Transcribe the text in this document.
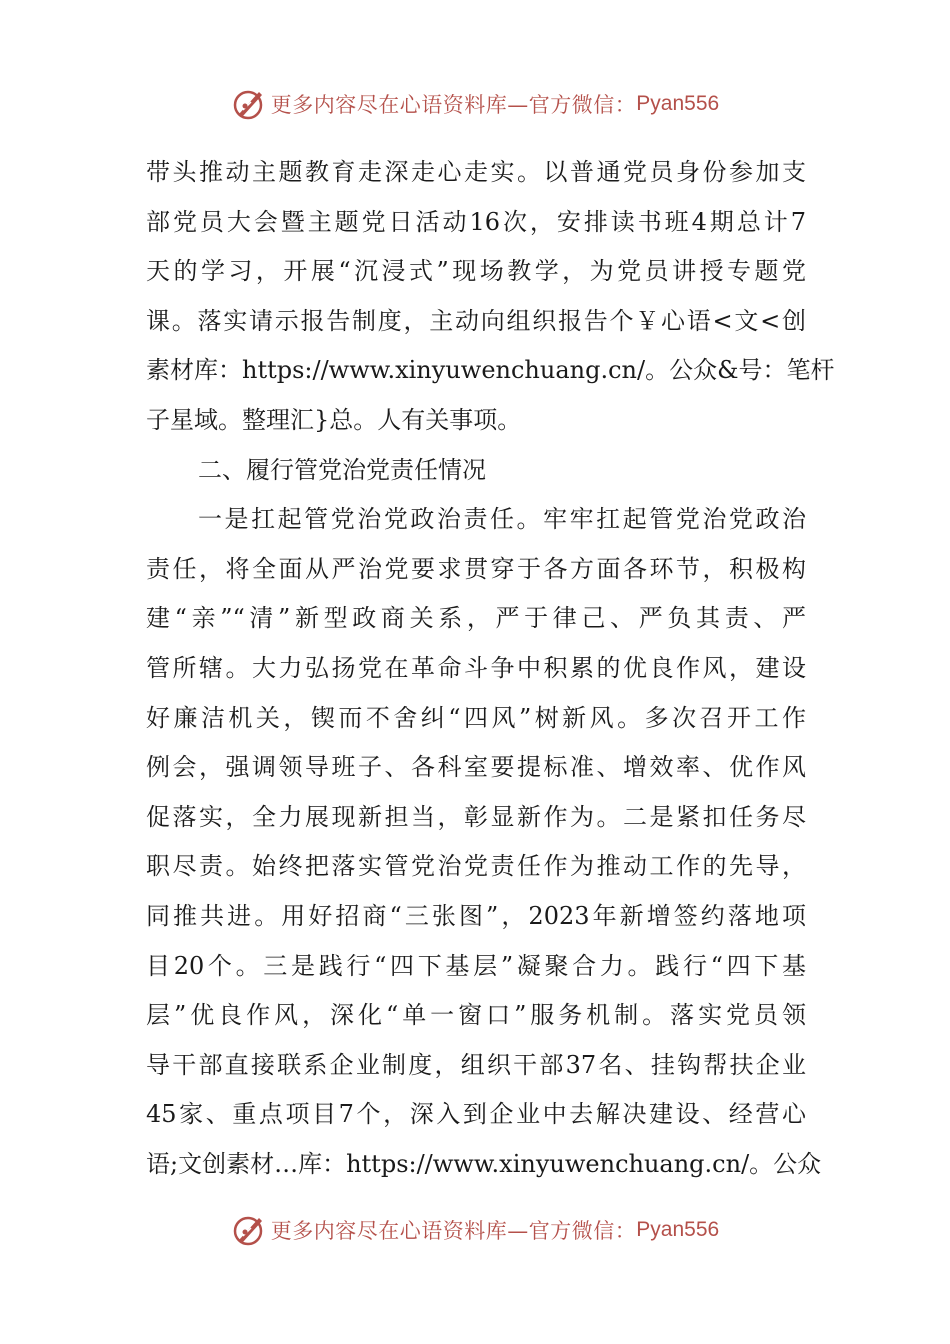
更多内容尽在心语资料库—官方微信： Pyan556
带头推动主题教育走深走心走实。以普通党员身份参加支
部党员大会暨主题党日活动16次，安排读书班4期总计7
天的学习，开展“沉浸式”现场教学，为党员讲授专题党
课。落实请示报告制度，主动向组织报告个￥心语<文<创
素材库：https://www.xinyuwenchuang.cn/。公众&号：笔杆
子星域。整理汇}总。人有关事项。
二、履行管党治党责任情况
一是扛起管党治党政治责任。牢牢扛起管党治党政治
责任，将全面从严治党要求贯穿于各方面各环节，积极构
建“亲”“清”新型政商关系，严于律己、严负其责、严
管所辖。大力弘扬党在革命斗争中积累的优良作风，建设
好廉洁机关，锲而不舍纠“四风”树新风。多次召开工作
例会，强调领导班子、各科室要提标准、增效率、优作风
促落实，全力展现新担当，彰显新作为。二是紧扣任务尽
职尽责。始终把落实管党治党责任作为推动工作的先导，
同推共进。用好招商“三张图”，2023年新增签约落地项
目20个。三是践行“四下基层”凝聚合力。践行“四下基
层”优良作风，深化“单一窗口”服务机制。落实党员领
导干部直接联系企业制度，组织干部37名、挂钩帮扶企业
45家、重点项目7个，深入到企业中去解决建设、经营心
语;文创素材…库：https://www.xinyuwenchuang.cn/。公众
更多内容尽在心语资料库—官方微信： Pyan556
